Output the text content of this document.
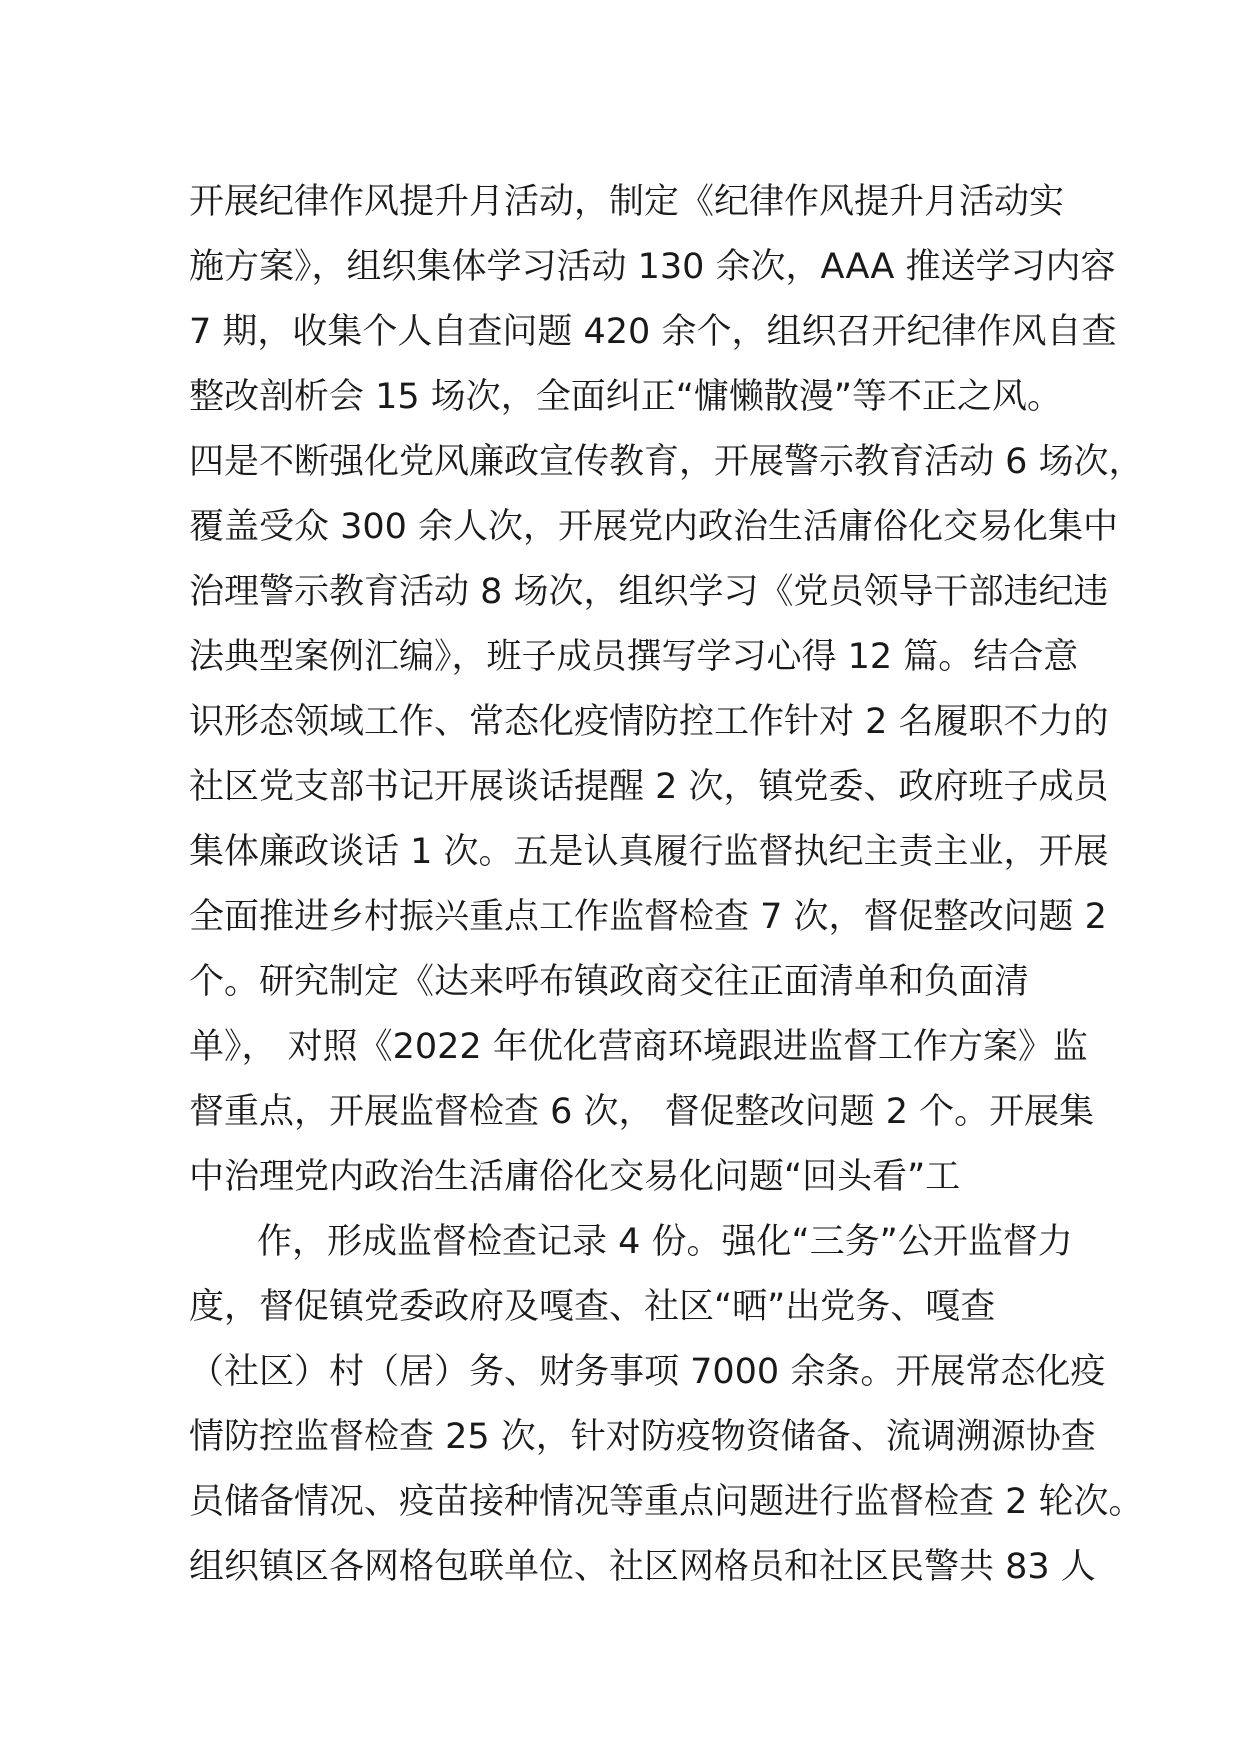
开展纪律作风提升月活动，制定《纪律作风提升月活动实
施方案》，组织集体学习活动 130 余次，AAA 推送学习内容
7 期，收集个人自查问题 420 余个，组织召开纪律作风自查
整改剖析会 15 场次，全面纠正“慵懒散漫”等不正之风。
四是不断强化党风廉政宣传教育，开展警示教育活动 6 场次，
覆盖受众 300 余人次，开展党内政治生活庸俗化交易化集中
治理警示教育活动 8 场次，组织学习《党员领导干部违纪违
法典型案例汇编》，班子成员撰写学习心得 12 篇。结合意
识形态领域工作、常态化疫情防控工作针对 2 名履职不力的
社区党支部书记开展谈话提醒 2 次，镇党委、政府班子成员
集体廉政谈话 1 次。五是认真履行监督执纪主责主业，开展
全面推进乡村振兴重点工作监督检查 7 次，督促整改问题 2
个。研究制定《达来呼布镇政商交往正面清单和负面清
单》， 对照《2022 年优化营商环境跟进监督工作方案》监
督重点，开展监督检查 6 次， 督促整改问题 2 个。开展集
中治理党内政治生活庸俗化交易化问题“回头看”工
作，形成监督检查记录 4 份。强化“三务”公开监督力
度，督促镇党委政府及嘎查、社区“晒”出党务、嘎查
（社区）村（居）务、财务事项 7000 余条。开展常态化疫
情防控监督检查 25 次，针对防疫物资储备、流调溯源协查
员储备情况、疫苗接种情况等重点问题进行监督检查 2 轮次。
组织镇区各网格包联单位、社区网格员和社区民警共 83 人
